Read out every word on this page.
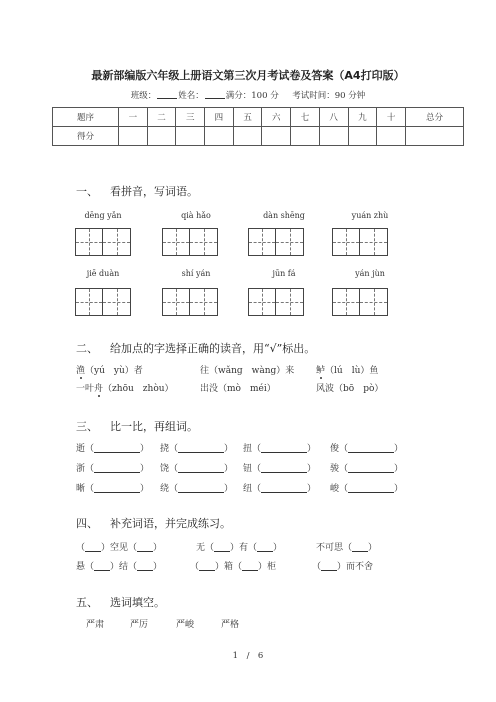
最新部编版六年级上册语文第三次月考试卷及答案（A4打印版）
班级：	姓名：	满分：100 分 考试时间：90 分钟
题序	一	二	三	四	五	六	七	八	九	十	总分
得分											
一、 看拼音，写词语。
dēng yǎn	qià hǎo	dàn shēng	yuán zhù
jiē duàn	shí yán	jūn fá	yán jùn
二、 给加点的字选择正确的读音，用“√”标出。
渔（yú　yù）者	往（wǎng　wàng）来 鲈（lú　lù）鱼
一叶舟（zhōu　zhòu）	出没（mò　méi）	风波（bō　pò）
三、 比一比，再组词。
逝（	） 挠（	） 扭（	） 俊（	）
浙（	） 饶（	） 钮（	） 骏（	）
晰（	） 绕（	） 纽（	） 峻（	）
四、 补充词语，并完成练习。
（ ）空见（ ）	无（ ）有（ ）	不可思（ ）
悬（ ）结（ ）	（ ）箱（ ）柜	（ ）而不舍
五、 选词填空。
严肃	严厉	严峻	严格
1　/　6
